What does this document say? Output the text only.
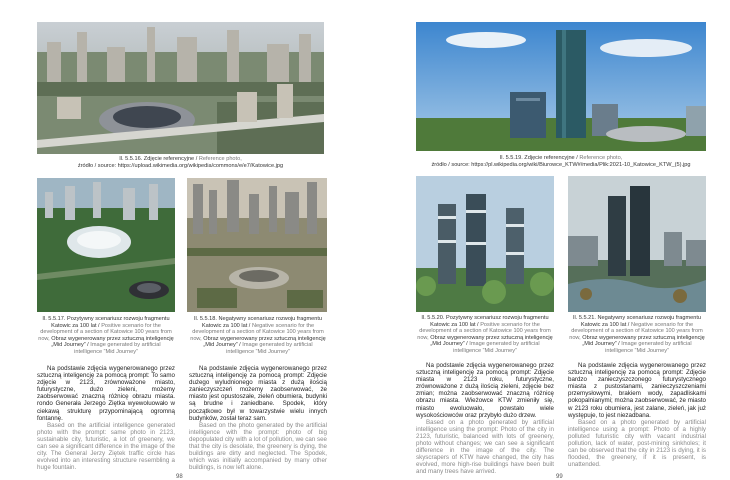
Il. 5.5.16. Zdjęcie referencyjne / Reference photo,
źródło / source: https://upload.wikimedia.org/wikipedia/commons/e/e7/Katowice.jpg
Il. 5.5.17. Pozytywny scenariusz rozwoju fragmentu Katowic za 100 lat / Positive scenario for the development of a section of Katowice 100 years from now, Obraz wygenerowany przez sztuczną inteligencję „Mid Journey” / Image generated by artificial intelligence “Mid Journey”
Il. 5.5.18. Negatywny scenariusz rozwoju fragmentu Katowic za 100 lat / Negative scenario for the development of a section of Katowice 100 years from now, Obraz wygenerowany przez sztuczną inteligencję „Mid Journey” / Image generated by artificial intelligence “Mid Journey”

Na podstawie zdjęcia wygenerowanego przez sztuczną inteligencję za pomocą prompt: To samo zdjęcie w 2123, zrównoważone miasto, futurystyczne, dużo zieleni, możemy zaobserwować znaczną różnicę obrazu miasta. rondo Generała Jerzego Ziętka wyewoluowało w ciekawą strukturę przypominającą ogromną fontannę.

Based on the artificial intelligence generated photo with the prompt: same photo in 2123, sustainable city, futuristic, a lot of greenery, we can see a significant difference in the image of the city. The General Jerzy Ziętek traffic circle has evolved into an interesting structure resembling a huge fountain.

Na podstawie zdjęcia wygenerowanego przez sztuczną inteligencję za pomocą prompt: Zdjęcie dużego wyludnionego miasta z dużą ilością zanieczyszczeń możemy zaobserwować, że miasto jest opustoszałe, zieleń obumiera, budynki są brudne i zaniedbane. Spodek, który początkowo był w towarzystwie wielu innych budynków, został teraz sam.

Based on the photo generated by the artificial intelligence with the prompt: photo of big depopulated city with a lot of pollution, we can see that the city is desolate, the greenery is dying, the buildings are dirty and neglected. The Spodek, which was initially accompanied by many other buildings, is now left alone.

98
Il. 5.5.19. Zdjęcie referencyjne / Reference photo,
źródło / source: https://pl.wikipedia.org/wiki/Biurowce_KTW#/media/Plik:2021-10_Katowice_KTW_(5).jpg
Il. 5.5.20. Pozytywny scenariusz rozwoju fragmentu Katowic za 100 lat / Positive scenario for the development of a section of Katowice 100 years from now, Obraz wygenerowany przez sztuczną inteligencję „Mid Journey” / Image generated by artificial intelligence “Mid Journey”
Il. 5.5.21. Negatywny scenariusz rozwoju fragmentu Katowic za 100 lat / Negative scenario for the development of a section of Katowice 100 years from now, Obraz wygenerowany przez sztuczną inteligencję „Mid Journey” / Image generated by artificial intelligence “Mid Journey”

Na podstawie zdjęcia wygenerowanego przez sztuczną inteligencję za pomocą prompt: Zdjęcie miasta w 2123 roku, futurystyczne, zrównoważone z dużą ilością zieleni, zdjęcie bez zmian; można zaobserwować znaczną różnicę obrazu miasta. Wieżowce KTW zmieniły się, miasto ewoluowało, powstało wiele wysokościowców oraz przybyło dużo drzew.

Based on a photo generated by artificial intelligence using the prompt: Photo of the city in 2123, futuristic, balanced with lots of greenery, photo without changes; we can see a significant difference in the image of the city. The skyscrapers of KTW have changed, the city has evolved, more high-rise buildings have been built and many trees have arrived.

Na podstawie zdjęcia wygenerowanego przez sztuczną inteligencję za pomocą prompt: Zdjęcie bardzo zanieczyszczonego futurystycznego miasta z pustostanami, zanieczyszczeniami przemysłowymi, brakiem wody, zapadliskami pokopalnianymi; można zaobserwować, że miasto w 2123 roku obumiera, jest zalane, zieleń, jak już występuje, to jest niezadbana.

Based on a photo generated by artificial intelligence using a prompt: Photo of a highly polluted futuristic city with vacant industrial pollution, lack of water, post-mining sinkholes; it can be observed that the city in 2123 is dying, it is flooded, the greenery, if it is present, is unattended.

99
